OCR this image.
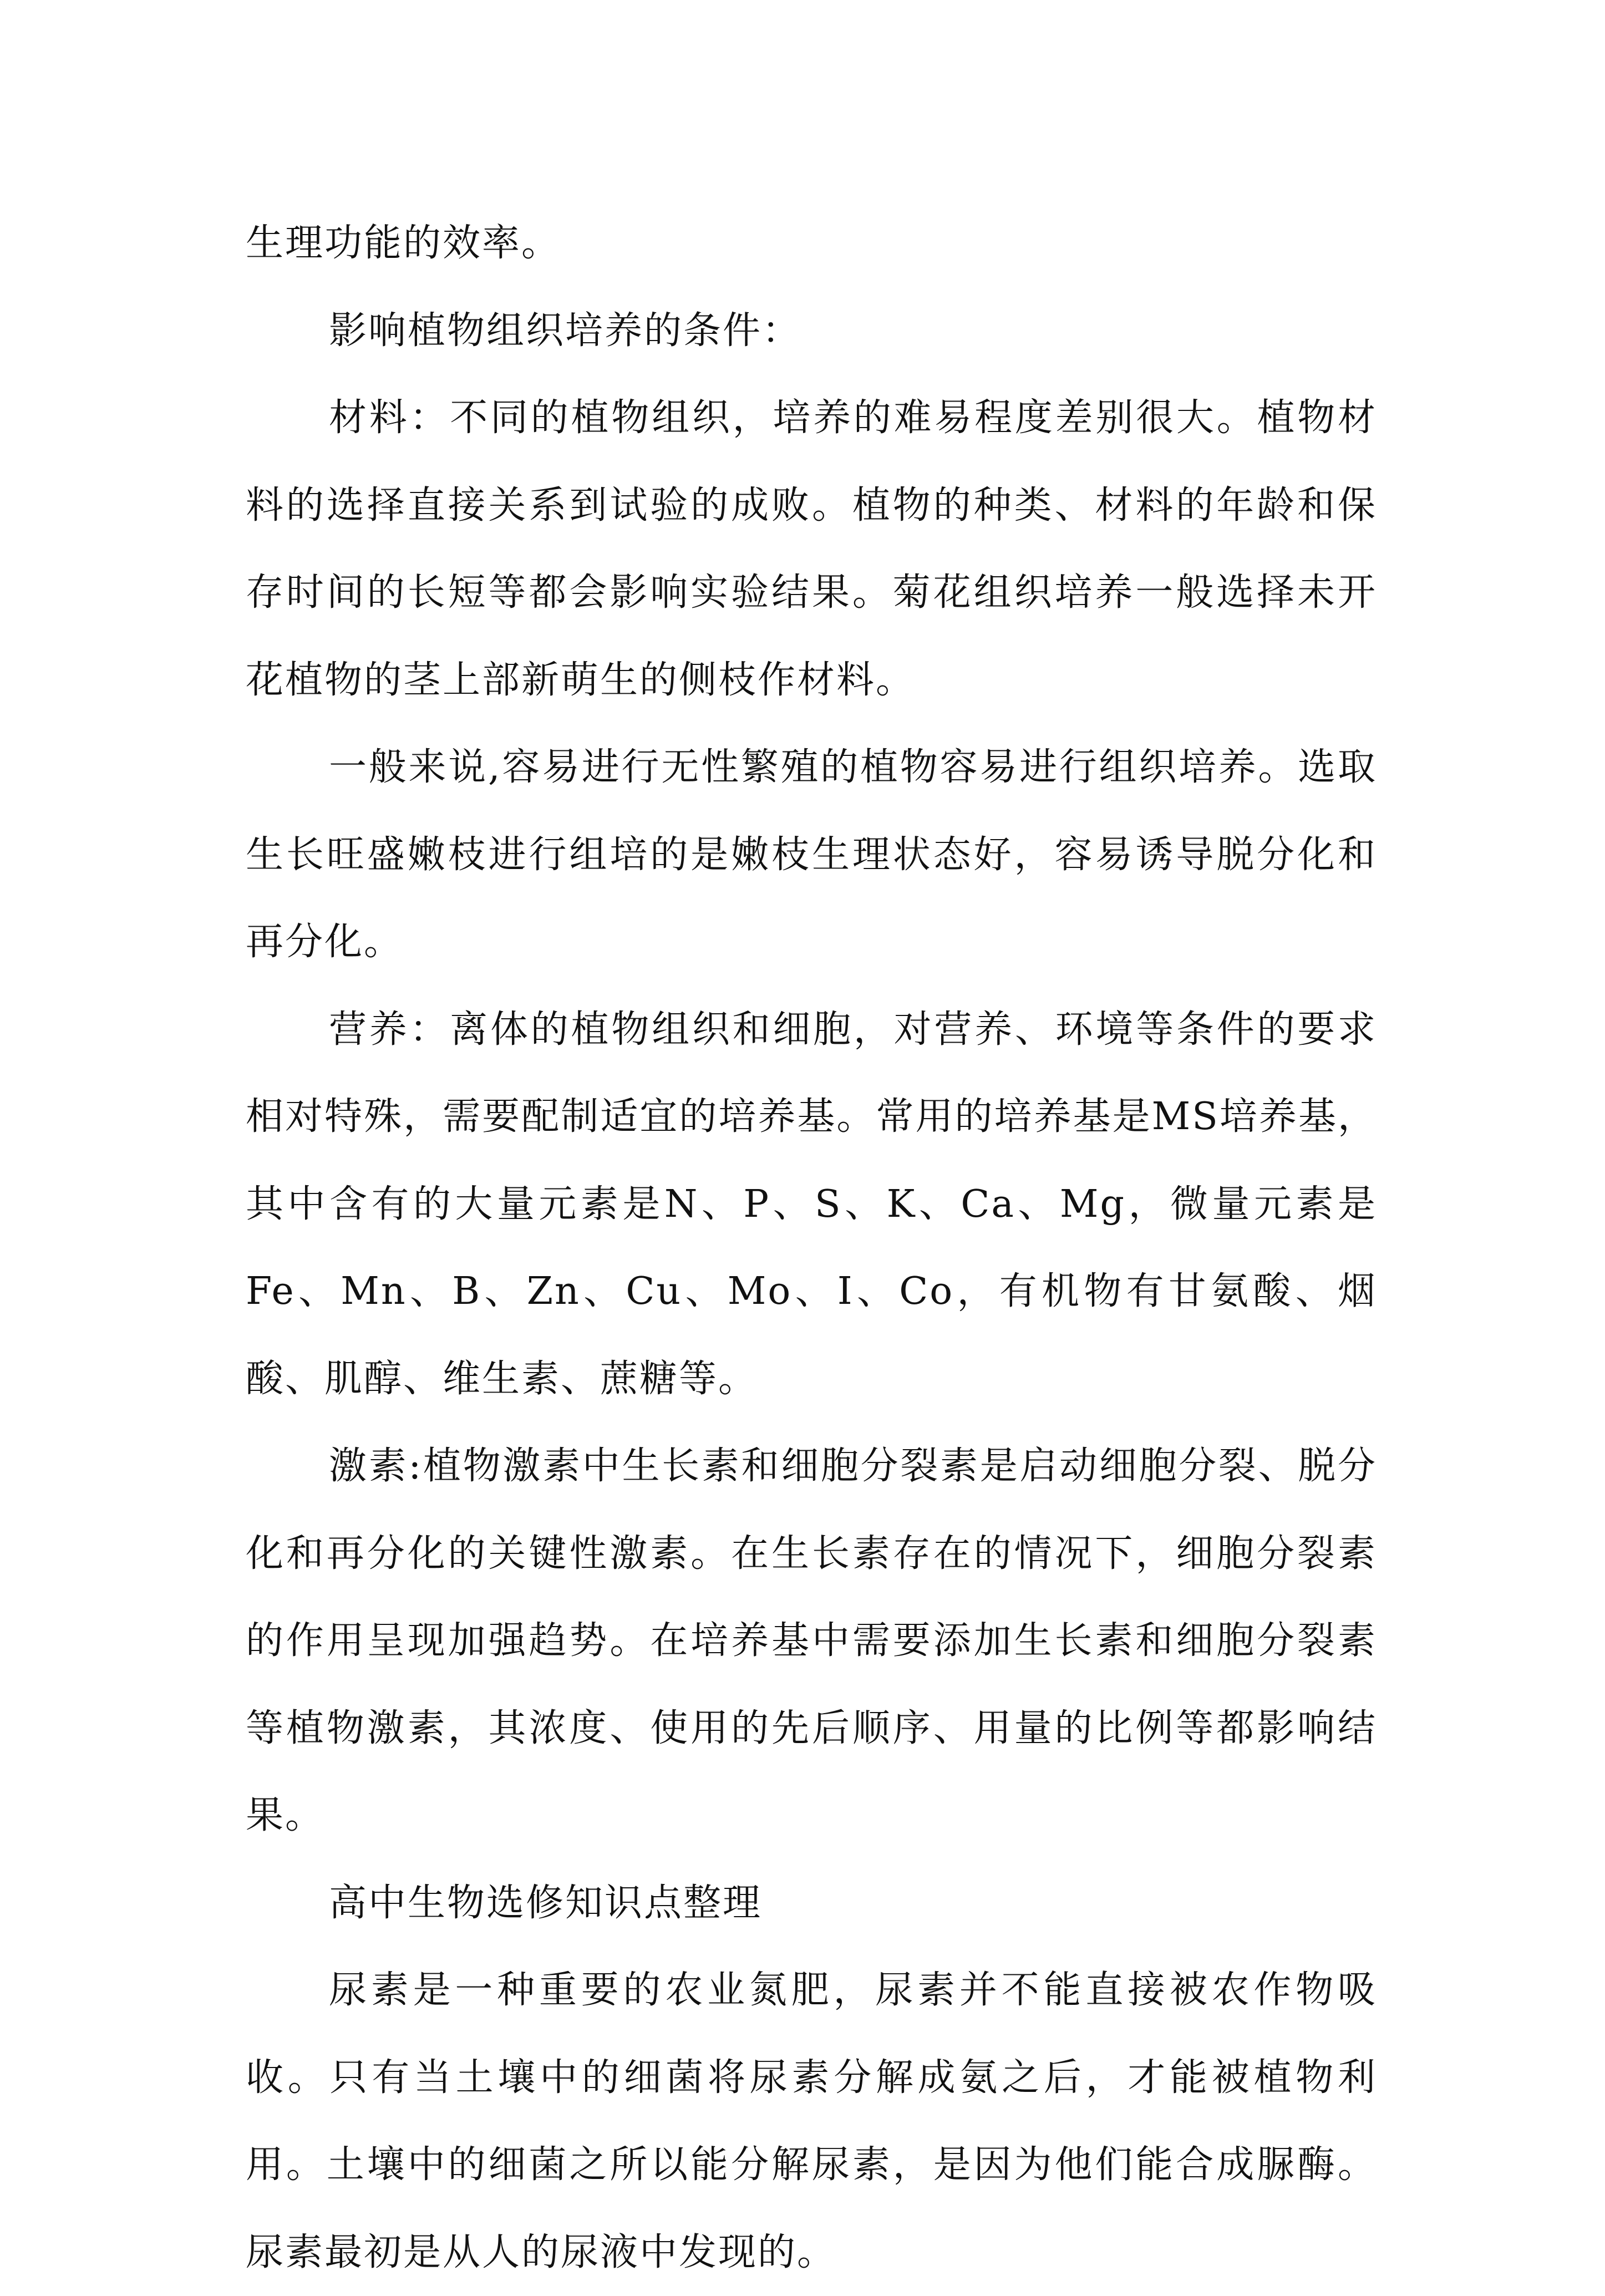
生理功能的效率。

影响植物组织培养的条件：

材料：不同的植物组织，培养的难易程度差别很大。植物材料的选择直接关系到试验的成败。植物的种类、材料的年龄和保存时间的长短等都会影响实验结果。菊花组织培养一般选择未开花植物的茎上部新萌生的侧枝作材料。

一般来说,容易进行无性繁殖的植物容易进行组织培养。选取生长旺盛嫩枝进行组培的是嫩枝生理状态好，容易诱导脱分化和再分化。

营养：离体的植物组织和细胞，对营养、环境等条件的要求相对特殊，需要配制适宜的培养基。常用的培养基是MS培养基，其中含有的大量元素是N、P、S、K、Ca、Mg，微量元素是Fe、Mn、B、Zn、Cu、Mo、I、Co，有机物有甘氨酸、烟酸、肌醇、维生素、蔗糖等。

激素:植物激素中生长素和细胞分裂素是启动细胞分裂、脱分化和再分化的关键性激素。在生长素存在的情况下，细胞分裂素的作用呈现加强趋势。在培养基中需要添加生长素和细胞分裂素等植物激素，其浓度、使用的先后顺序、用量的比例等都影响结果。

高中生物选修知识点整理

尿素是一种重要的农业氮肥，尿素并不能直接被农作物吸收。只有当土壤中的细菌将尿素分解成氨之后，才能被植物利用。土壤中的细菌之所以能分解尿素，是因为他们能合成脲酶。尿素最初是从人的尿液中发现的。
